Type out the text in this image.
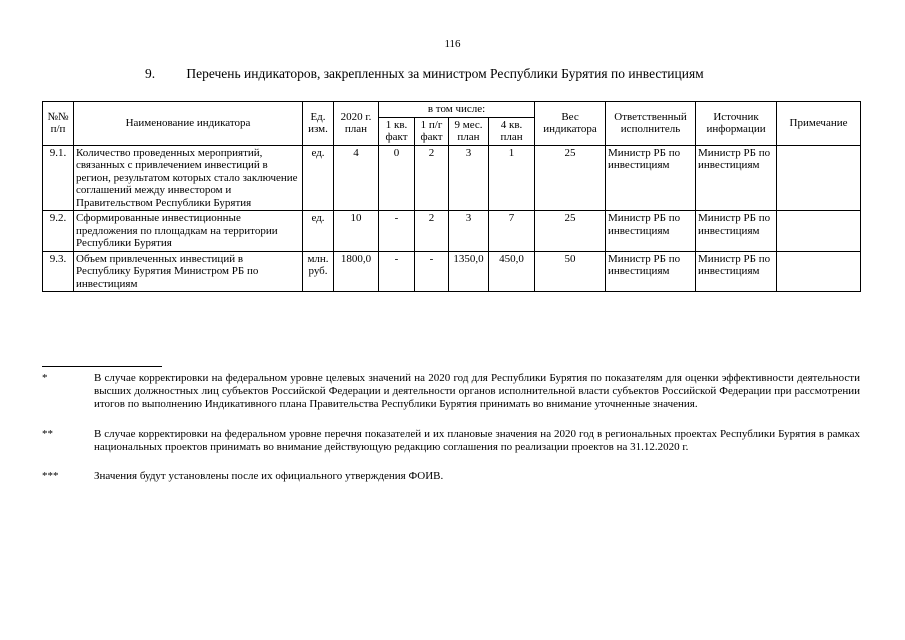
116
9. Перечень индикаторов, закрепленных за министром Республики Бурятия по инвестициям
№№ п/п	Наименование индикатора	Ед. изм.	2020 г. план	в том числе:				Вес индикатора	Ответственный исполнитель	Источник информации	Примечание
				1 кв. факт	1 п/г факт	9 мес. план	4 кв. план				
9.1.	Количество проведенных мероприятий, связанных с привлечением инвестиций в регион, результатом которых стало заключение соглашений между инвестором и Правительством Республики Бурятия	ед.	4	0	2	3	1	25	Министр РБ по инвестициям	Министр РБ по инвестициям	
9.2.	Сформированные инвестиционные предложения по площадкам на территории Республики Бурятия	ед.	10	-	2	3	7	25	Министр РБ по инвестициям	Министр РБ по инвестициям	
9.3.	Объем привлеченных инвестиций в Республику Бурятия Министром РБ по инвестициям	млн. руб.	1800,0	-	-	1350,0	450,0	50	Министр РБ по инвестициям	Министр РБ по инвестициям	
*	В случае корректировки на федеральном уровне целевых значений на 2020 год для Республики Бурятия по показателям для оценки эффективности деятельности высших должностных лиц субъектов Российской Федерации и деятельности органов исполнительной власти субъектов Российской Федерации при рассмотрении итогов по выполнению Индикативного плана Правительства Республики Бурятия принимать во внимание уточненные значения.
**	В случае корректировки на федеральном уровне перечня показателей и их плановые значения на 2020 год в региональных проектах Республики Бурятия в рамках национальных проектов принимать во внимание действующую редакцию соглашения по реализации проектов на 31.12.2020 г.
***	Значения будут установлены после их официального утверждения ФОИВ.
